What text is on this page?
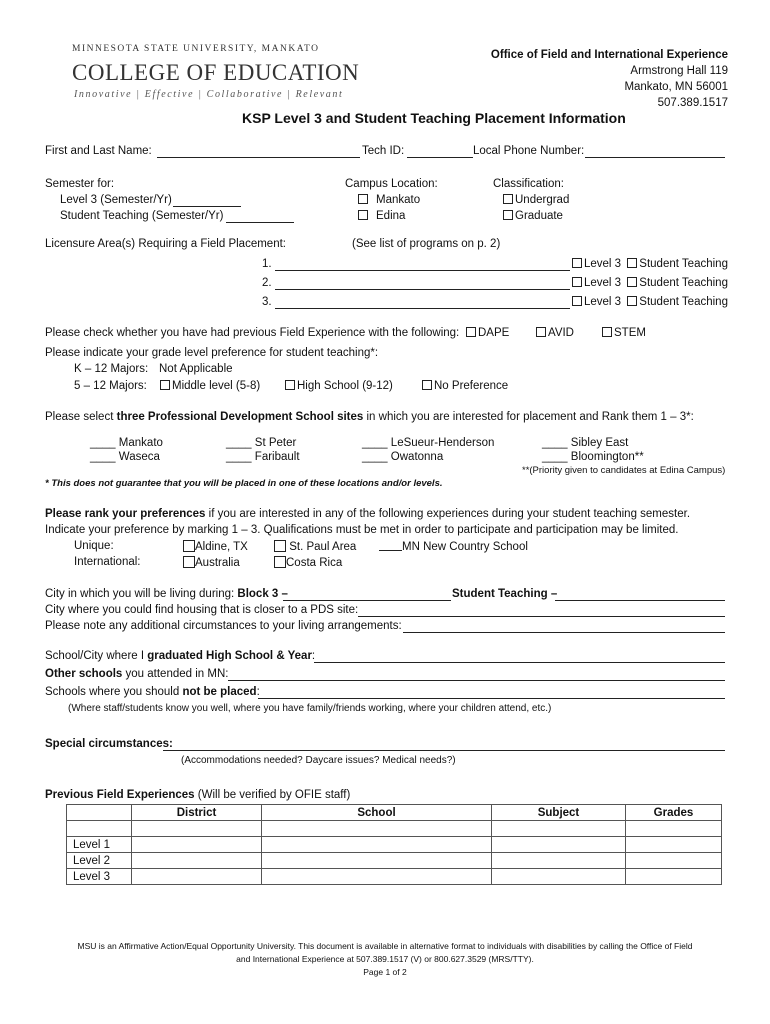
MINNESOTA STATE UNIVERSITY, MANKATO
COLLEGE OF EDUCATION
Innovative | Effective | Collaborative | Relevant
Office of Field and International Experience
Armstrong Hall 119
Mankato, MN 56001
507.389.1517
KSP Level 3 and Student Teaching Placement Information
First and Last Name:	Tech ID:	Local Phone Number:
Semester for:
Level 3 (Semester/Yr)
Student Teaching (Semester/Yr)
Campus Location:
Mankato
Edina
Classification:
Undergrad
Graduate
Licensure Area(s) Requiring a Field Placement:	(See list of programs on p. 2)
1.	Level 3 Student Teaching
2.	Level 3 Student Teaching
3.	Level 3 Student Teaching
Please check whether you have had previous Field Experience with the following:	DAPE	AVID	STEM
Please indicate your grade level preference for student teaching*:
K – 12 Majors: Not Applicable
5 – 12 Majors:	Middle level (5-8)	High School (9-12)	No Preference
Please select three Professional Development School sites in which you are interested for placement and Rank them 1 – 3*:
____ Mankato
____ Waseca
____ St Peter
____ Faribault
____ LeSueur-Henderson
____ Owatonna
____ Sibley East
____ Bloomington**
**(Priority given to candidates at Edina Campus)
* This does not guarantee that you will be placed in one of these locations and/or levels.
Please rank your preferences if you are interested in any of the following experiences during your student teaching semester.
Indicate your preference by marking 1 – 3. Qualifications must be met in order to participate and participation may be limited.
Unique:
International:
Aldine, TX	St. Paul Area	MN New Country School
Australia	Costa Rica
City in which you will be living during: Block 3 –	Student Teaching –
City where you could find housing that is closer to a PDS site:
Please note any additional circumstances to your living arrangements:
School/City where I graduated High School & Year:
Other schools you attended in MN:
Schools where you should not be placed:
(Where staff/students know you well, where you have family/friends working, where your children attend, etc.)
Special circumstances:
(Accommodations needed? Daycare issues? Medical needs?)
Previous Field Experiences (Will be verified by OFIE staff)
	District	School	Subject	Grades

Level 1				
Level 2				
Level 3				
MSU is an Affirmative Action/Equal Opportunity University. This document is available in alternative format to individuals with disabilities by calling the Office of Field
and International Experience at 507.389.1517 (V) or 800.627.3529 (MRS/TTY).
Page 1 of 2
